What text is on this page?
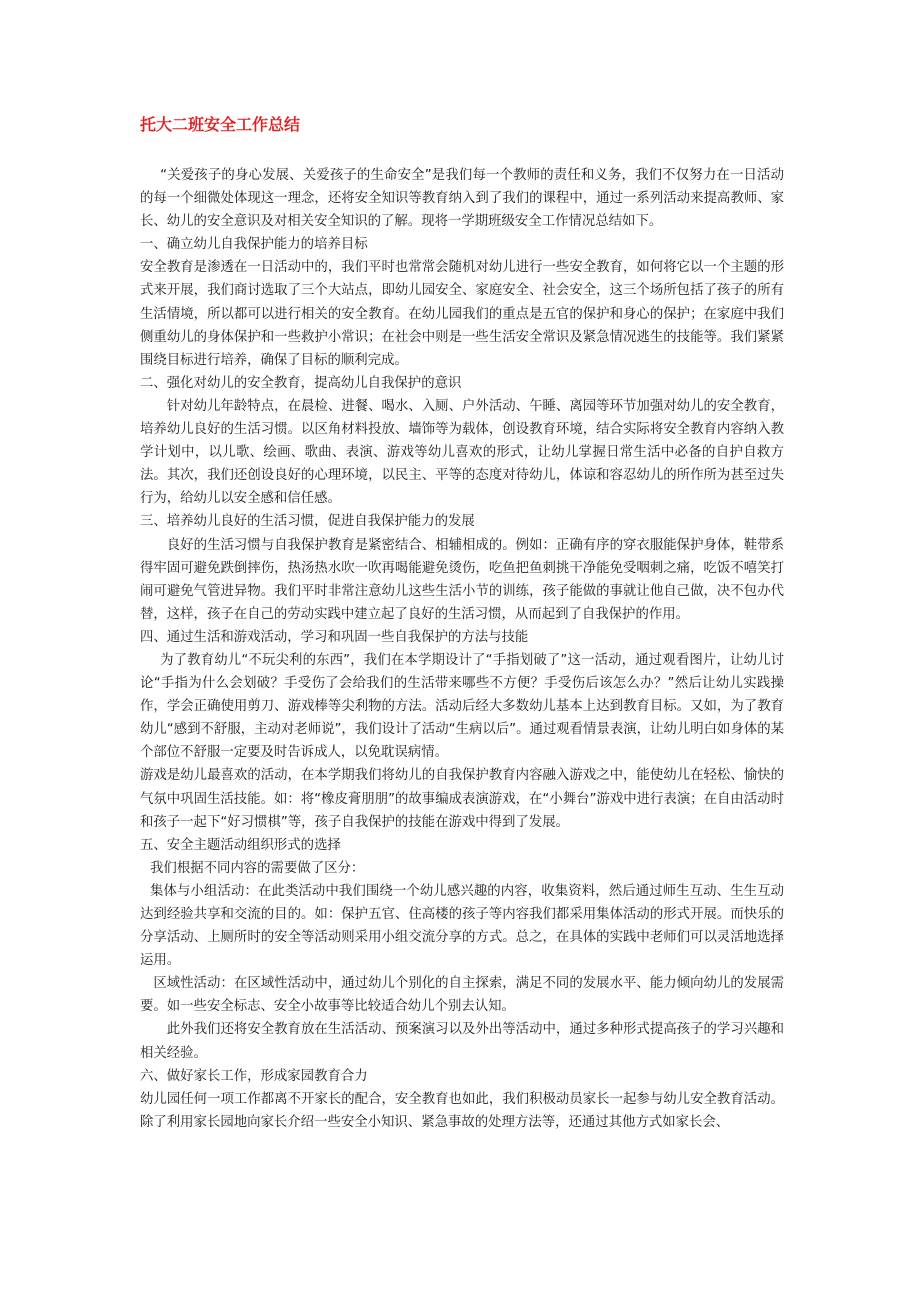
托大二班安全工作总结

“关爱孩子的身心发展、关爱孩子的生命安全”是我们每一个教师的责任和义务，我们不仅努力在一日活动的每一个细微处体现这一理念，还将安全知识等教育纳入到了我们的课程中，通过一系列活动来提高教师、家长、幼儿的安全意识及对相关安全知识的了解。现将一学期班级安全工作情况总结如下。

一、确立幼儿自我保护能力的培养目标

安全教育是渗透在一日活动中的，我们平时也常常会随机对幼儿进行一些安全教育，如何将它以一个主题的形式来开展，我们商讨选取了三个大站点，即幼儿园安全、家庭安全、社会安全，这三个场所包括了孩子的所有生活情境，所以都可以进行相关的安全教育。在幼儿园我们的重点是五官的保护和身心的保护；在家庭中我们侧重幼儿的身体保护和一些救护小常识；在社会中则是一些生活安全常识及紧急情况逃生的技能等。我们紧紧围绕目标进行培养，确保了目标的顺利完成。

二、强化对幼儿的安全教育，提高幼儿自我保护的意识

针对幼儿年龄特点，在晨检、进餐、喝水、入厕、户外活动、午睡、离园等环节加强对幼儿的安全教育，培养幼儿良好的生活习惯。以区角材料投放、墙饰等为载体，创设教育环境，结合实际将安全教育内容纳入教学计划中，以儿歌、绘画、歌曲、表演、游戏等幼儿喜欢的形式，让幼儿掌握日常生活中必备的自护自救方法。其次，我们还创设良好的心理环境，以民主、平等的态度对待幼儿，体谅和容忍幼儿的所作所为甚至过失行为，给幼儿以安全感和信任感。

三、培养幼儿良好的生活习惯，促进自我保护能力的发展

良好的生活习惯与自我保护教育是紧密结合、相辅相成的。例如：正确有序的穿衣服能保护身体，鞋带系得牢固可避免跌倒摔伤，热汤热水吹一吹再喝能避免烫伤，吃鱼把鱼刺挑干净能免受咽刺之痛，吃饭不嘻笑打闹可避免气管进异物。我们平时非常注意幼儿这些生活小节的训练，孩子能做的事就让他自己做，决不包办代替，这样，孩子在自己的劳动实践中建立起了良好的生活习惯，从而起到了自我保护的作用。

四、通过生活和游戏活动，学习和巩固一些自我保护的方法与技能

为了教育幼儿“不玩尖利的东西”，我们在本学期设计了“手指划破了”这一活动，通过观看图片，让幼儿讨论“手指为什么会划破？手受伤了会给我们的生活带来哪些不方便？手受伤后该怎么办？”然后让幼儿实践操作，学会正确使用剪刀、游戏棒等尖利物的方法。活动后经大多数幼儿基本上达到教育目标。又如，为了教育幼儿“感到不舒服，主动对老师说”，我们设计了活动“生病以后”。通过观看情景表演，让幼儿明白如身体的某个部位不舒服一定要及时告诉成人，以免耽误病情。

游戏是幼儿最喜欢的活动，在本学期我们将幼儿的自我保护教育内容融入游戏之中，能使幼儿在轻松、愉快的气氛中巩固生活技能。如：将“橡皮膏朋朋”的故事编成表演游戏，在“小舞台”游戏中进行表演；在自由活动时和孩子一起下“好习惯棋”等，孩子自我保护的技能在游戏中得到了发展。

五、安全主题活动组织形式的选择

我们根据不同内容的需要做了区分：

集体与小组活动：在此类活动中我们围绕一个幼儿感兴趣的内容，收集资料，然后通过师生互动、生生互动达到经验共享和交流的目的。如：保护五官、住高楼的孩子等内容我们都采用集体活动的形式开展。而快乐的分享活动、上厕所时的安全等活动则采用小组交流分享的方式。总之，在具体的实践中老师们可以灵活地选择运用。

区域性活动：在区域性活动中，通过幼儿个别化的自主探索，满足不同的发展水平、能力倾向幼儿的发展需要。如一些安全标志、安全小故事等比较适合幼儿个别去认知。

此外我们还将安全教育放在生活活动、预案演习以及外出等活动中，通过多种形式提高孩子的学习兴趣和相关经验。

六、做好家长工作，形成家园教育合力

幼儿园任何一项工作都离不开家长的配合，安全教育也如此，我们积极动员家长一起参与幼儿安全教育活动。除了利用家长园地向家长介绍一些安全小知识、紧急事故的处理方法等，还通过其他方式如家长会、
